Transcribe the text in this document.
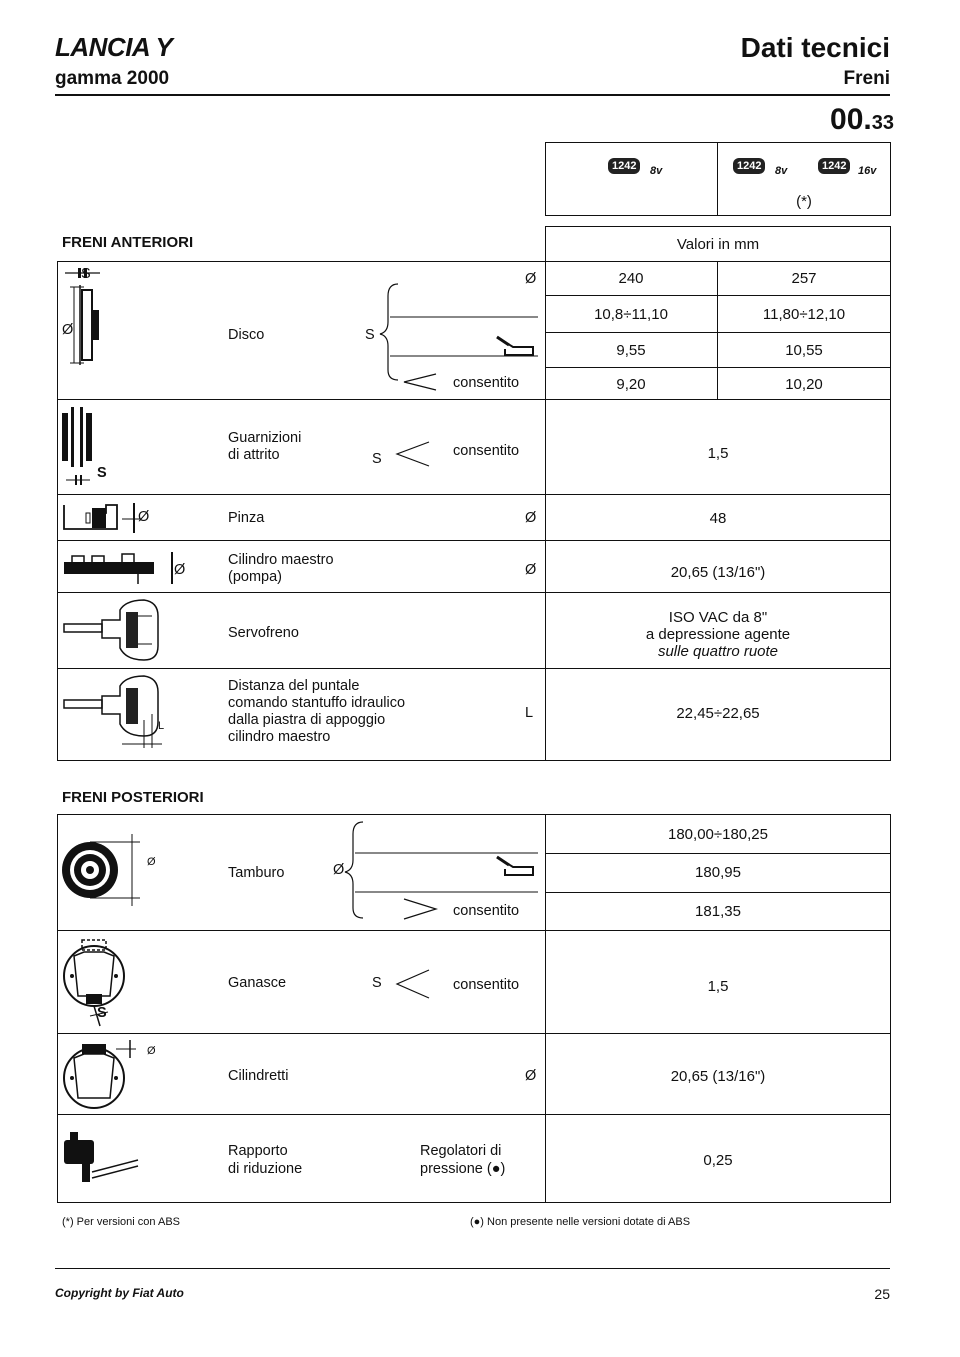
LANCIA Y
gamma 2000
Dati tecnici
Freni
00.33
1242	8v	1242	8v	1242	16v
(*)
FRENI ANTERIORI	Valori in mm
S
Ø	Disco	S
Ø
consentito
240	257
10,8÷11,10	11,80÷12,10
9,55	10,55
9,20	10,20
S
Guarnizioni
di attrito	S	consentito	1,5
Ø	Pinza	Ø	48
Ø
Cilindro maestro
(pompa)	Ø	20,65 (13/16")
Servofreno
ISO VAC da 8"
a depressione agente
sulle quattro ruote
L
Distanza del puntale
comando stantuffo idraulico
dalla piastra di appoggio
cilindro maestro
L	22,45÷22,65
FRENI POSTERIORI
Ø
Tamburo	Ø
consentito
180,00÷180,25
180,95
181,35
S
Ganasce	S	consentito	1,5
Ø
Cilindretti	Ø	20,65 (13/16")
Rapporto
di riduzione
Regolatori di
pressione (●)	0,25
(*) Per versioni con ABS	(●) Non presente nelle versioni dotate di ABS
Copyright by Fiat Auto	25
